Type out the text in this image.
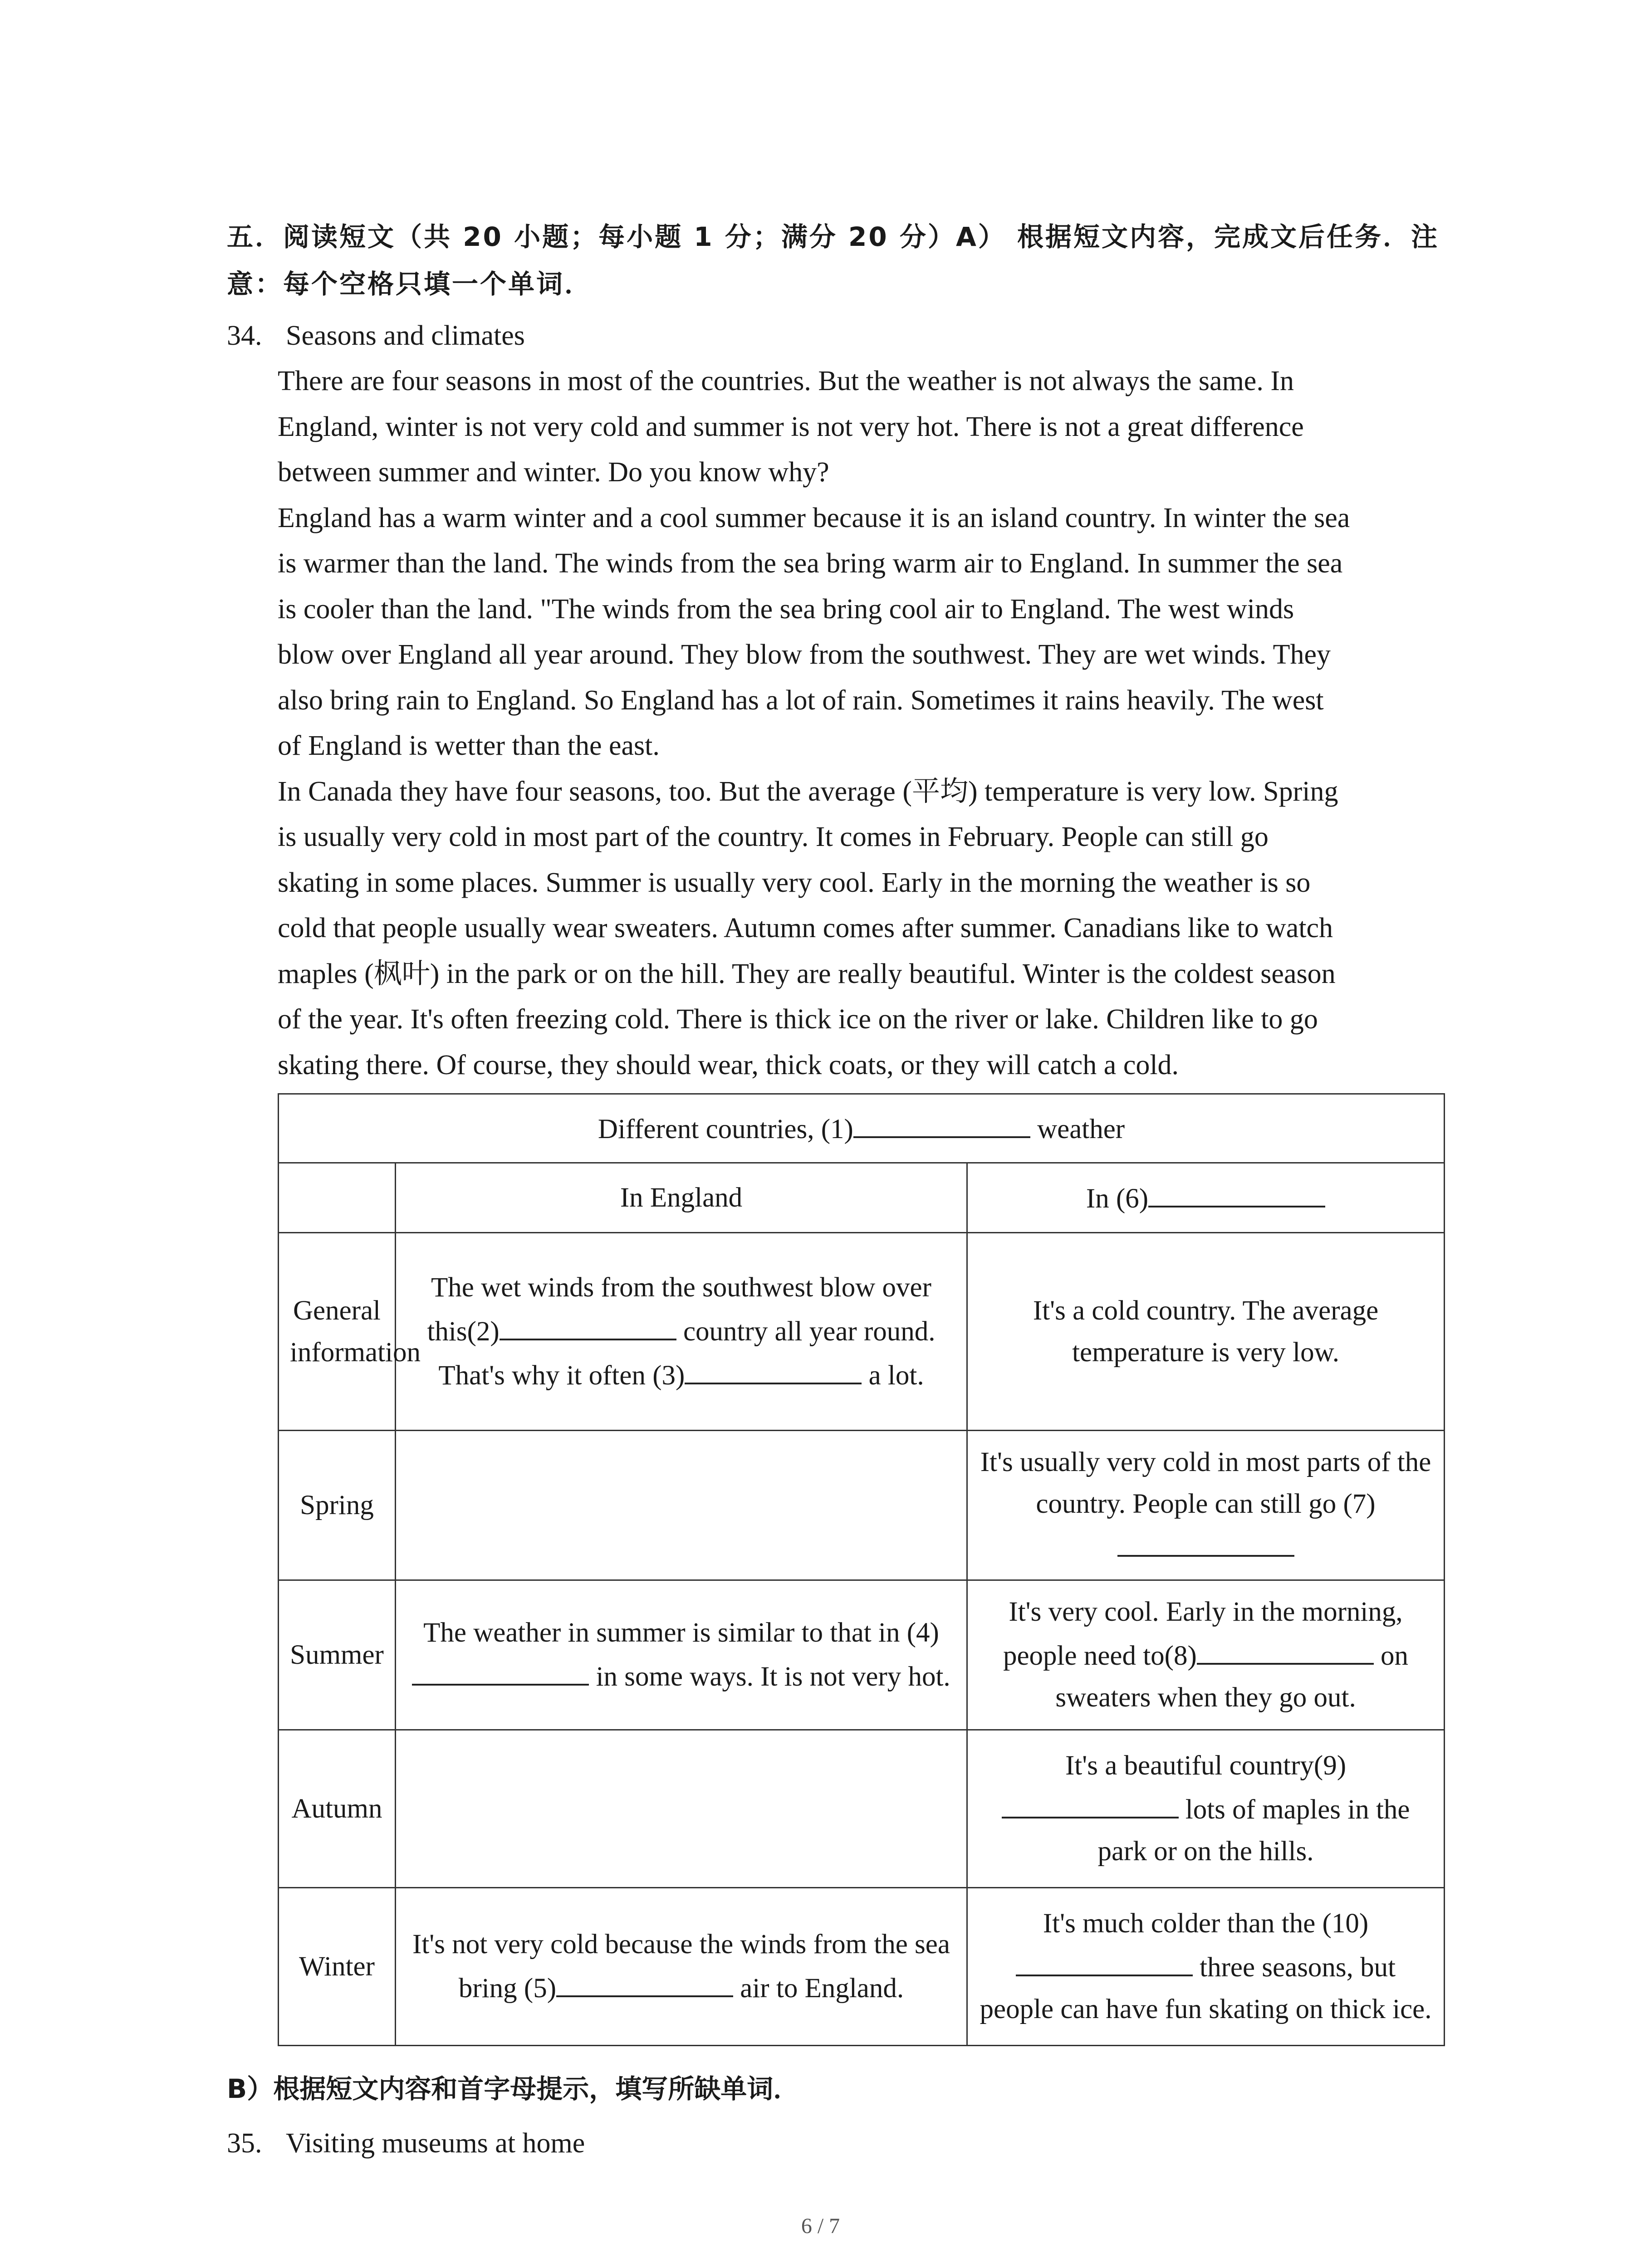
五．阅读短文（共 20 小题；每小题 1 分；满分 20 分）A） 根据短文内容，完成文后任务．注意：每个空格只填一个单词．
34. Seasons and climates

There are four seasons in most of the countries. But the weather is not always the same. In

England, winter is not very cold and summer is not very hot. There is not a great difference

between summer and winter. Do you know why?

England has a warm winter and a cool summer because it is an island country. In winter the sea

is warmer than the land. The winds from the sea bring warm air to England. In summer the sea

is cooler than the land. "The winds from the sea bring cool air to England. The west winds

blow over England all year around. They blow from the southwest. They are wet winds. They

also bring rain to England. So England has a lot of rain. Sometimes it rains heavily. The west

of England is wetter than the east.

In Canada they have four seasons, too. But the average (平均) temperature is very low. Spring

is usually very cold in most part of the country. It comes in February. People can still go

skating in some places. Summer is usually very cool. Early in the morning the weather is so

cold that people usually wear sweaters. Autumn comes after summer. Canadians like to watch

maples (枫叶) in the park or on the hill. They are really beautiful. Winter is the coldest season

of the year. It's often freezing cold. There is thick ice on the river or lake. Children like to go

skating there. Of course, they should wear, thick coats, or they will catch a cold.

Different countries, (1) weather		
	In England	In (6)
General information	The wet winds from the southwest blow over this(2) country all year round. That's why it often (3) a lot.	It's a cold country. The average temperature is very low.
Spring		It's usually very cold in most parts of the country. People can still go (7)

Summer	The weather in summer is similar to that in (4) in some ways. It is not very hot.	It's very cool. Early in the morning, people need to(8) on sweaters when they go out.
Autumn		It's a beautiful country(9) lots of maples in the park or on the hills.
Winter	It's not very cold because the winds from the sea bring (5) air to England.	It's much colder than the (10) three seasons, but people can have fun skating on thick ice.
B）根据短文内容和首字母提示，填写所缺单词．
35. Visiting museums at home
6 / 7
